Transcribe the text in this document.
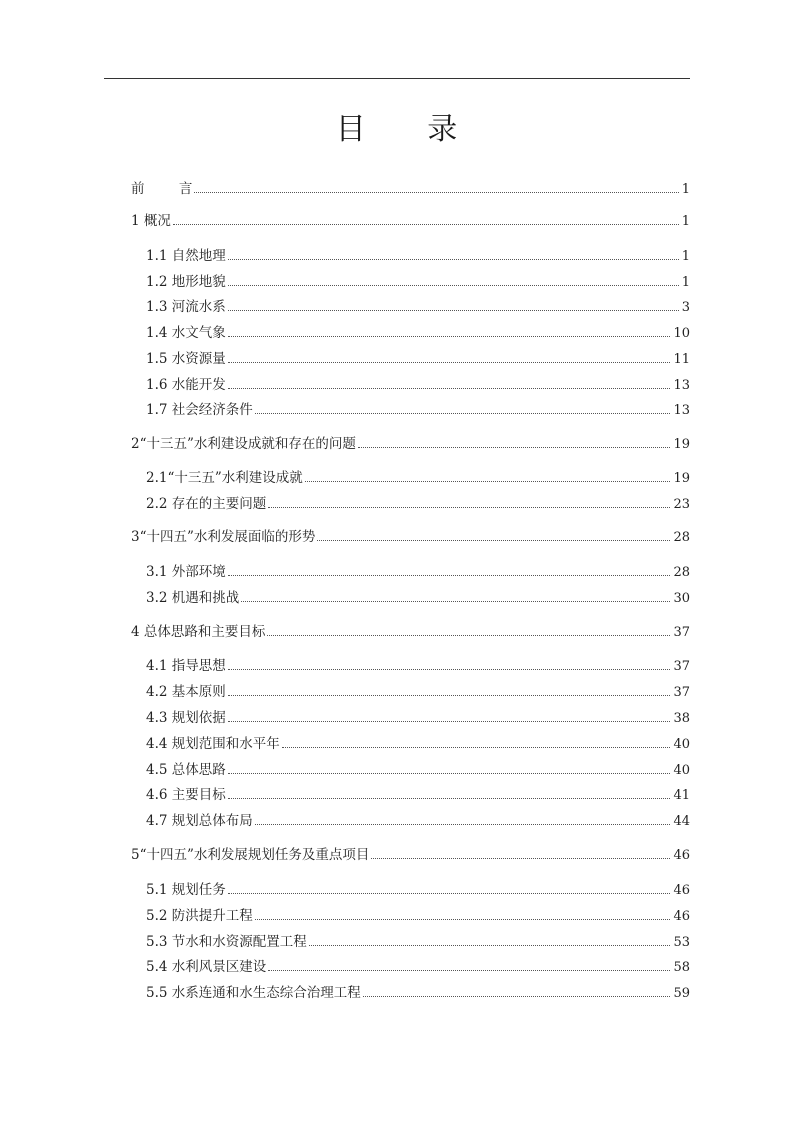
目 录
前        言	1
1 概况	1
1.1 自然地理	1
1.2 地形地貌	1
1.3 河流水系	3
1.4 水文气象	10
1.5 水资源量	11
1.6 水能开发	13
1.7 社会经济条件	13
2“十三五”水利建设成就和存在的问题	19
2.1“十三五”水利建设成就	19
2.2 存在的主要问题	23
3“十四五”水利发展面临的形势	28
3.1 外部环境	28
3.2 机遇和挑战	30
4 总体思路和主要目标	37
4.1 指导思想	37
4.2 基本原则	37
4.3 规划依据	38
4.4 规划范围和水平年	40
4.5 总体思路	40
4.6 主要目标	41
4.7 规划总体布局	44
5“十四五”水利发展规划任务及重点项目	46
5.1 规划任务	46
5.2 防洪提升工程	46
5.3 节水和水资源配置工程	53
5.4 水利风景区建设	58
5.5 水系连通和水生态综合治理工程	59
